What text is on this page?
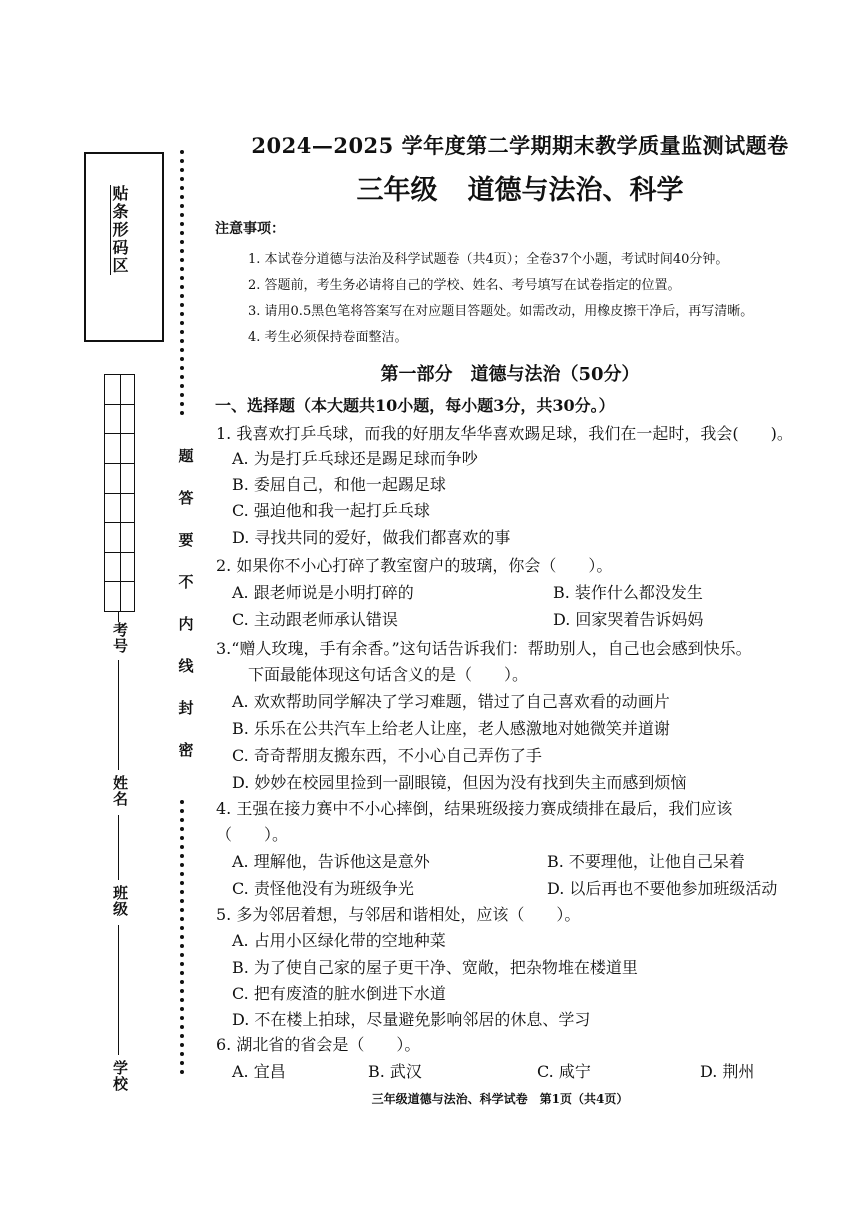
贴条形码区
考号
姓名
班级
学校
题
答
要
不
内
线
封
密
2024—2025 学年度第二学期期末教学质量监测试题卷
三年级 道德与法治、科学
注意事项：
1. 本试卷分道德与法治及科学试题卷（共4页）；全卷37个小题，考试时间40分钟。
2. 答题前，考生务必请将自己的学校、姓名、考号填写在试卷指定的位置。
3. 请用0.5黑色笔将答案写在对应题目答题处。如需改动，用橡皮擦干净后，再写清晰。
4. 考生必须保持卷面整洁。
第一部分　道德与法治（50分）
一、选择题（本大题共10小题，每小题3分，共30分。）
1. 我喜欢打乒乓球，而我的好朋友华华喜欢踢足球，我们在一起时，我会(　　)。
A. 为是打乒乓球还是踢足球而争吵
B. 委屈自己，和他一起踢足球
C. 强迫他和我一起打乒乓球
D. 寻找共同的爱好，做我们都喜欢的事
2. 如果你不小心打碎了教室窗户的玻璃，你会（　　）。
A. 跟老师说是小明打碎的	B. 装作什么都没发生
C. 主动跟老师承认错误	D. 回家哭着告诉妈妈
3.“赠人玫瑰，手有余香。”这句话告诉我们：帮助别人，自己也会感到快乐。
下面最能体现这句话含义的是（　　）。
A. 欢欢帮助同学解决了学习难题，错过了自己喜欢看的动画片
B. 乐乐在公共汽车上给老人让座，老人感激地对她微笑并道谢
C. 奇奇帮朋友搬东西，不小心自己弄伤了手
D. 妙妙在校园里捡到一副眼镜，但因为没有找到失主而感到烦恼
4. 王强在接力赛中不小心摔倒，结果班级接力赛成绩排在最后，我们应该
（　　）。
A. 理解他，告诉他这是意外	B. 不要理他，让他自己呆着
C. 责怪他没有为班级争光	D. 以后再也不要他参加班级活动
5. 多为邻居着想，与邻居和谐相处，应该（　　）。
A. 占用小区绿化带的空地种菜
B. 为了使自己家的屋子更干净、宽敞，把杂物堆在楼道里
C. 把有废渣的脏水倒进下水道
D. 不在楼上拍球，尽量避免影响邻居的休息、学习
6. 湖北省的省会是（　　）。
A. 宜昌	B. 武汉	C. 咸宁	D. 荆州
三年级道德与法治、科学试卷　第1页（共4页）
